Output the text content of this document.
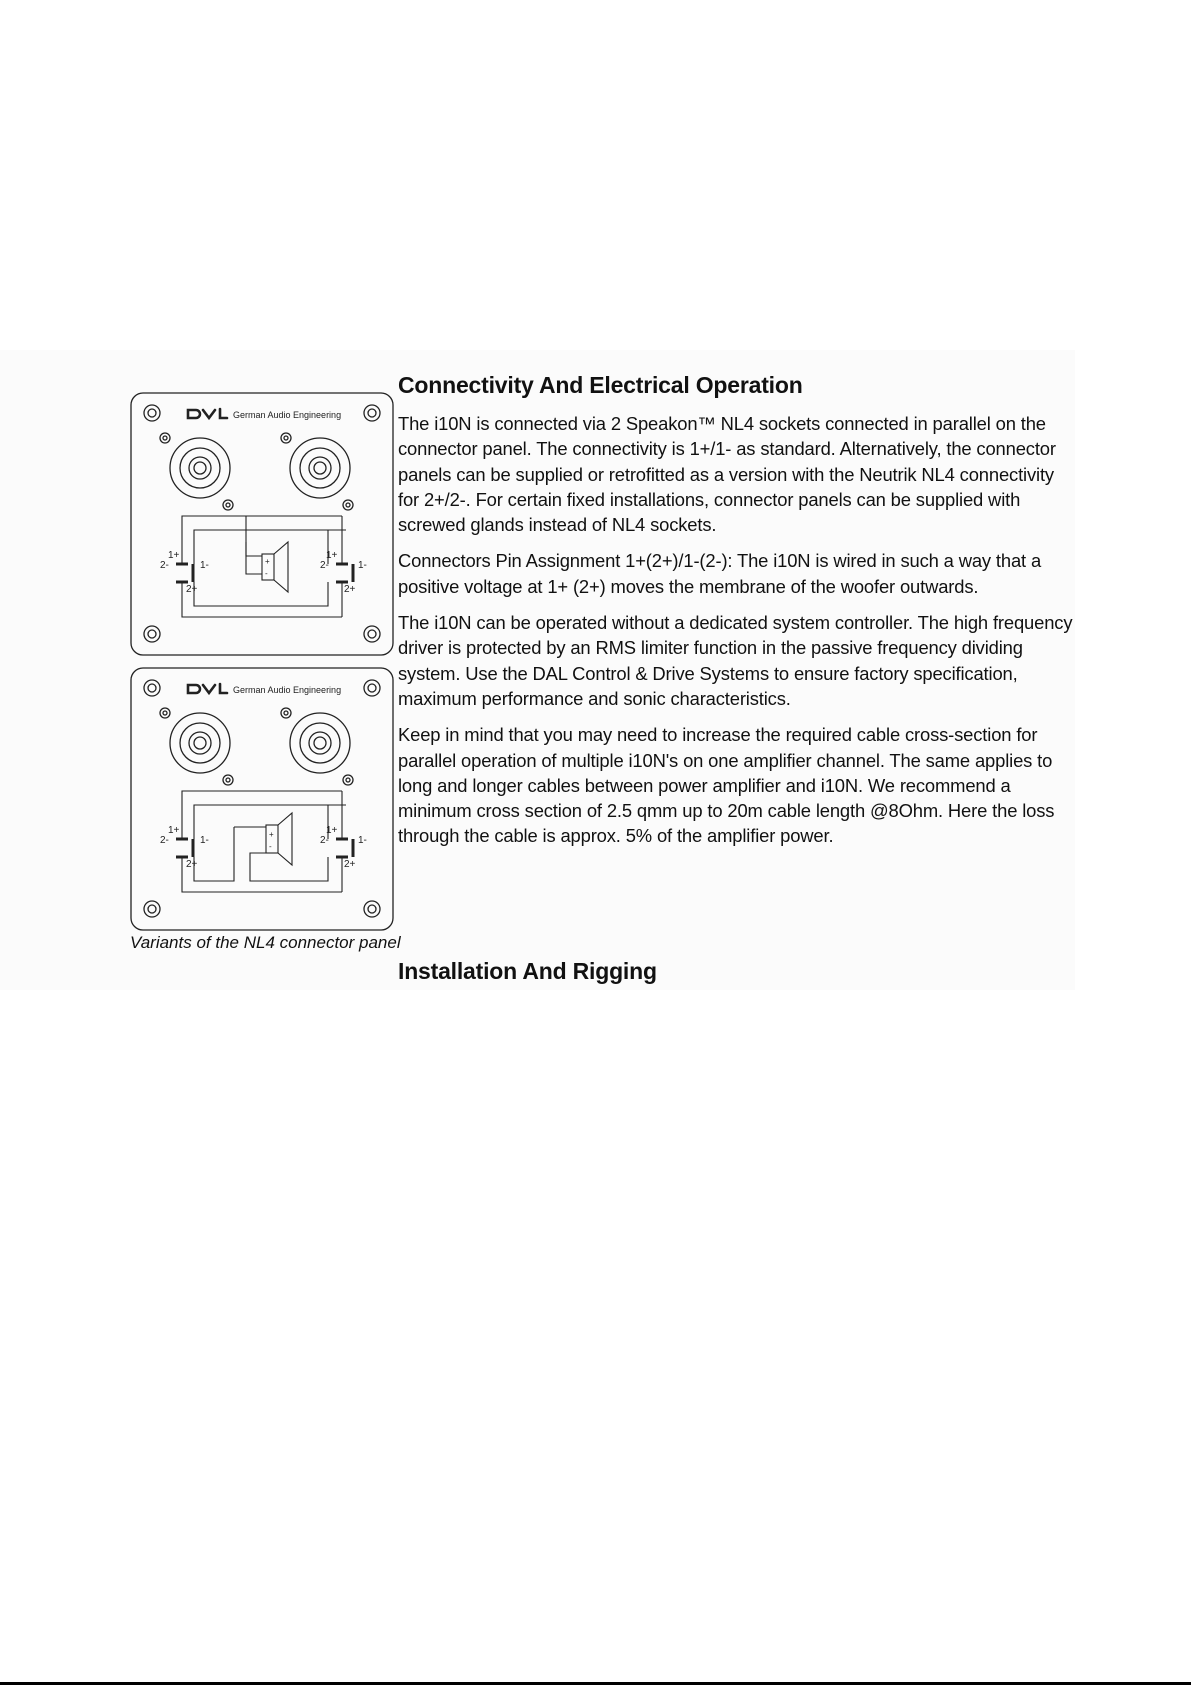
German Audio Engineering
1+
2+
1+
2+
2-	1-	2-	1-
+
-
German Audio Engineering
1+
2+
1+
2+
2-	1-	2-	1-
+
-
Variants of the NL4 connector panel
Connectivity And Electrical Operation

The i10N is connected via 2 Speakon™ NL4 sockets connected in parallel on the connector panel. The connectivity is 1+/1- as standard. Alternatively, the connector panels can be supplied or retrofitted as a version with the Neutrik NL4 connectivity for 2+/2-. For certain fixed installations, connector panels can be supplied with screwed glands instead of NL4 sockets.

Connectors Pin Assignment 1+(2+)/1-(2-): The i10N is wired in such a way that a positive voltage at 1+ (2+) moves the membrane of the woofer outwards.

The i10N can be operated without a dedicated system controller. The high frequency driver is protected by an RMS limiter function in the passive frequency dividing system. Use the DAL Control & Drive Systems to ensure factory specification, maximum performance and sonic characteristics.

Keep in mind that you may need to increase the required cable cross-section for parallel operation of multiple i10N's on one amplifier channel. The same applies to long and longer cables between power amplifier and i10N. We recommend a minimum cross section of 2.5 qmm up to 20m cable length @8Ohm. Here the loss through the cable is approx. 5% of the amplifier power.

Installation And Rigging
